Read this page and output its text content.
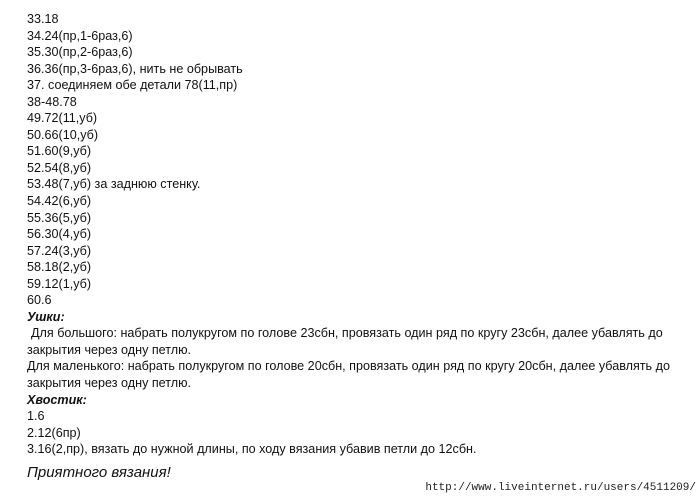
33.18
34.24(пр,1-6раз,6)
35.30(пр,2-6раз,6)
36.36(пр,3-6раз,6), нить не обрывать
37. соединяем обе детали 78(11,пр)
38-48.78
49.72(11,уб)
50.66(10,уб)
51.60(9,уб)
52.54(8,уб)
53.48(7,уб) за заднюю стенку.
54.42(6,уб)
55.36(5,уб)
56.30(4,уб)
57.24(3,уб)
58.18(2,уб)
59.12(1,уб)
60.6
Ушки:
Для большого: набрать полукругом по голове 23сбн, провязать один ряд по кругу 23сбн, далее убавлять до
закрытия через одну петлю.
Для маленького: набрать полукругом по голове 20сбн, провязать один ряд по кругу 20сбн, далее убавлять до
закрытия через одну петлю.
Хвостик:
1.6
2.12(6пр)
3.16(2,пр), вязать до нужной длины, по ходу вязания убавив петли до 12сбн.
Приятного вязания!
http://www.liveinternet.ru/users/4511209/
